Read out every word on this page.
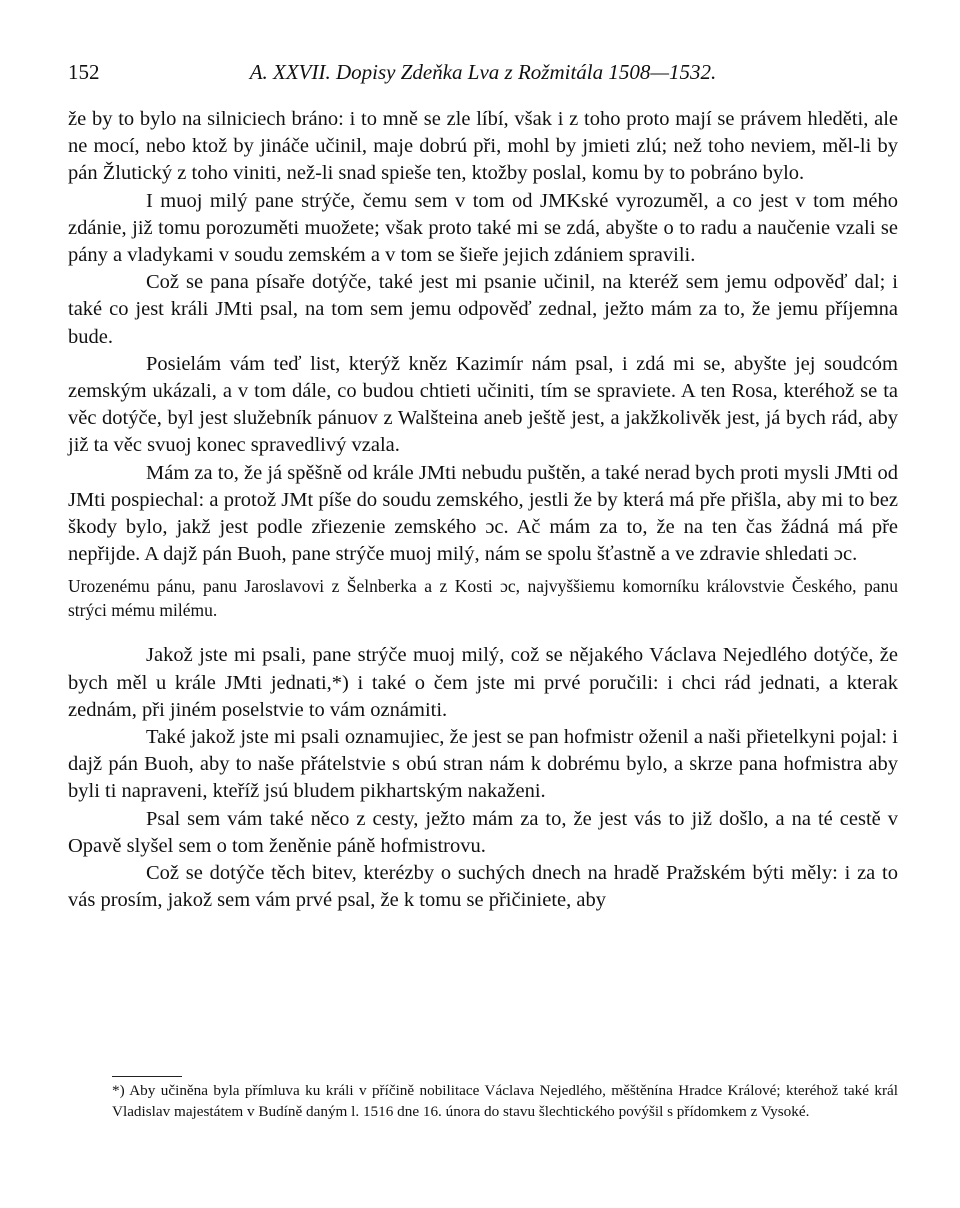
152	A. XXVII. Dopisy Zdeňka Lva z Rožmitála 1508—1532.

že by to bylo na silniciech bráno: i to mně se zle líbí, však i z toho proto mají se právem hleděti, ale ne mocí, nebo ktož by jináče učinil, maje dobrú při, mohl by jmieti zlú; než toho neviem, měl-li by pán Žlutický z toho viniti, než-li snad spieše ten, ktožby poslal, komu by to pobráno bylo.

I muoj milý pane strýče, čemu sem v tom od JMKské vyrozuměl, a co jest v tom mého zdánie, již tomu porozuměti muožete; však proto také mi se zdá, abyšte o to radu a naučenie vzali se pány a vladykami v soudu zemském a v tom se šieře jejich zdániem spravili.

Což se pana písaře dotýče, také jest mi psanie učinil, na kteréž sem jemu odpověď dal; i také co jest králi JMti psal, na tom sem jemu odpověď zednal, ježto mám za to, že jemu příjemna bude.

Posielám vám teď list, kterýž kněz Kazimír nám psal, i zdá mi se, abyšte jej soudcóm zemským ukázali, a v tom dále, co budou chtieti učiniti, tím se spraviete. A ten Rosa, kteréhož se ta věc dotýče, byl jest služebník pánuov z Walšteina aneb ještě jest, a jakžkolivěk jest, já bych rád, aby již ta věc svuoj konec spravedlivý vzala.

Mám za to, že já spěšně od krále JMti nebudu puštěn, a také nerad bych proti mysli JMti od JMti pospiechal: a protož JMt píše do soudu zemského, jestli že by která má pře přišla, aby mi to bez škody bylo, jakž jest podle zřiezenie zemského ɔc. Ač mám za to, že na ten čas žádná má pře nepřijde. A dajž pán Buoh, pane strýče muoj milý, nám se spolu šťastně a ve zdravie shledati ɔc.

Urozenému pánu, panu Jaroslavovi z Šelnberka a z Kosti ɔc, najvyššiemu komorníku královstvie Českého, panu strýci mému milému.

Jakož jste mi psali, pane strýče muoj milý, což se nějakého Václava Nejedlého dotýče, že bych měl u krále JMti jednati,*) i také o čem jste mi prvé poručili: i chci rád jednati, a kterak zednám, při jiném poselstvie to vám oznámiti.

Také jakož jste mi psali oznamujiec, že jest se pan hofmistr oženil a naši přietelkyni pojal: i dajž pán Buoh, aby to naše přátelstvie s obú stran nám k dobrému bylo, a skrze pana hofmistra aby byli ti napraveni, kteříž jsú bludem pikhartským nakaženi.

Psal sem vám také něco z cesty, ježto mám za to, že jest vás to již došlo, a na té cestě v Opavě slyšel sem o tom ženěnie páně hofmistrovu.

Což se dotýče těch bitev, kterézby o suchých dnech na hradě Pražském býti měly: i za to vás prosím, jakož sem vám prvé psal, že k tomu se přičiniete, aby

*) Aby učiněna byla přímluva ku králi v příčině nobilitace Václava Nejedlého, měštěnína Hradce Králové; kteréhož také král Vladislav majestátem v Budíně daným l. 1516 dne 16. února do stavu šlechtického povýšil s přídomkem z Vysoké.
